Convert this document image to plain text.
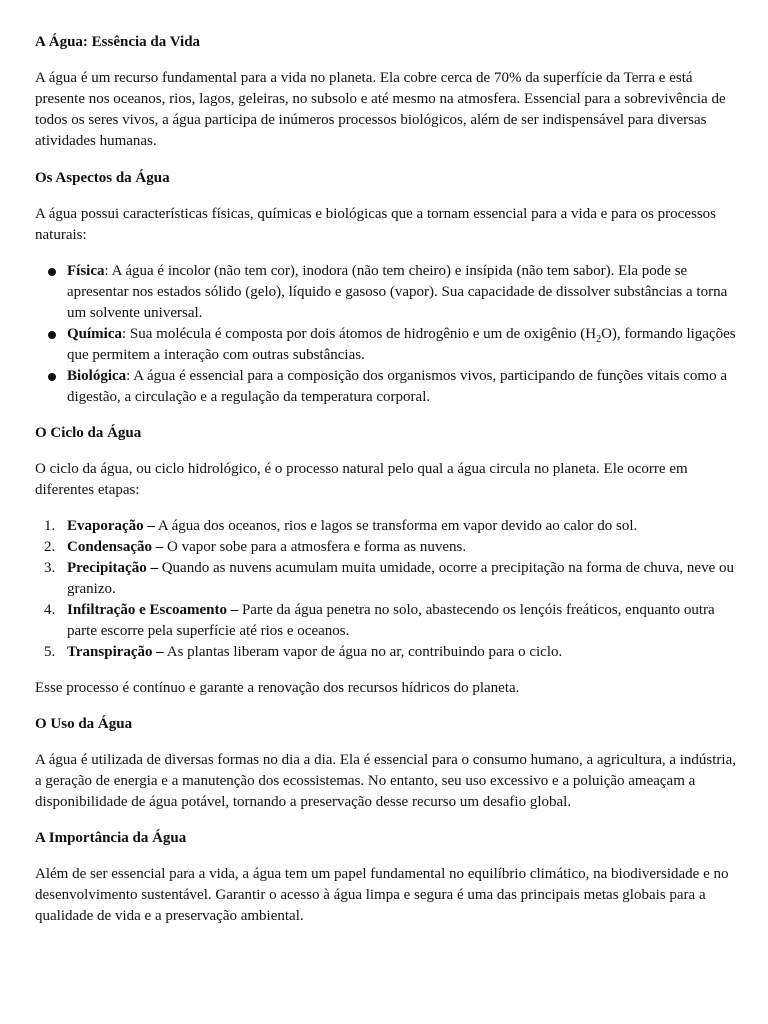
A Água: Essência da Vida

A água é um recurso fundamental para a vida no planeta. Ela cobre cerca de 70% da superfície da Terra e está presente nos oceanos, rios, lagos, geleiras, no subsolo e até mesmo na atmosfera. Essencial para a sobrevivência de todos os seres vivos, a água participa de inúmeros processos biológicos, além de ser indispensável para diversas atividades humanas.

Os Aspectos da Água

A água possui características físicas, químicas e biológicas que a tornam essencial para a vida e para os processos naturais:

Física: A água é incolor (não tem cor), inodora (não tem cheiro) e insípida (não tem sabor). Ela pode se apresentar nos estados sólido (gelo), líquido e gasoso (vapor). Sua capacidade de dissolver substâncias a torna um solvente universal.
Química: Sua molécula é composta por dois átomos de hidrogênio e um de oxigênio $(H_2O)$, formando ligações que permitem a interação com outras substâncias.
Biológica: A água é essencial para a composição dos organismos vivos, participando de funções vitais como a digestão, a circulação e a regulação da temperatura corporal.
O Ciclo da Água

O ciclo da água, ou ciclo hidrológico, é o processo natural pelo qual a água circula no planeta. Ele ocorre em diferentes etapas:

1. Evaporação – A água dos oceanos, rios e lagos se transforma em vapor devido ao calor do sol.
2. Condensação – O vapor sobe para a atmosfera e forma as nuvens.
3. Precipitação – Quando as nuvens acumulam muita umidade, ocorre a precipitação na forma de chuva, neve ou granizo.
4. Infiltração e Escoamento – Parte da água penetra no solo, abastecendo os lençóis freáticos, enquanto outra parte escorre pela superfície até rios e oceanos.
5. Transpiração – As plantas liberam vapor de água no ar, contribuindo para o ciclo.

Esse processo é contínuo e garante a renovação dos recursos hídricos do planeta.

O Uso da Água

A água é utilizada de diversas formas no dia a dia. Ela é essencial para o consumo humano, a agricultura, a indústria, a geração de energia e a manutenção dos ecossistemas. No entanto, seu uso excessivo e a poluição ameaçam a disponibilidade de água potável, tornando a preservação desse recurso um desafio global.

A Importância da Água

Além de ser essencial para a vida, a água tem um papel fundamental no equilíbrio climático, na biodiversidade e no desenvolvimento sustentável. Garantir o acesso à água limpa e segura é uma das principais metas globais para a qualidade de vida e a preservação ambiental.
